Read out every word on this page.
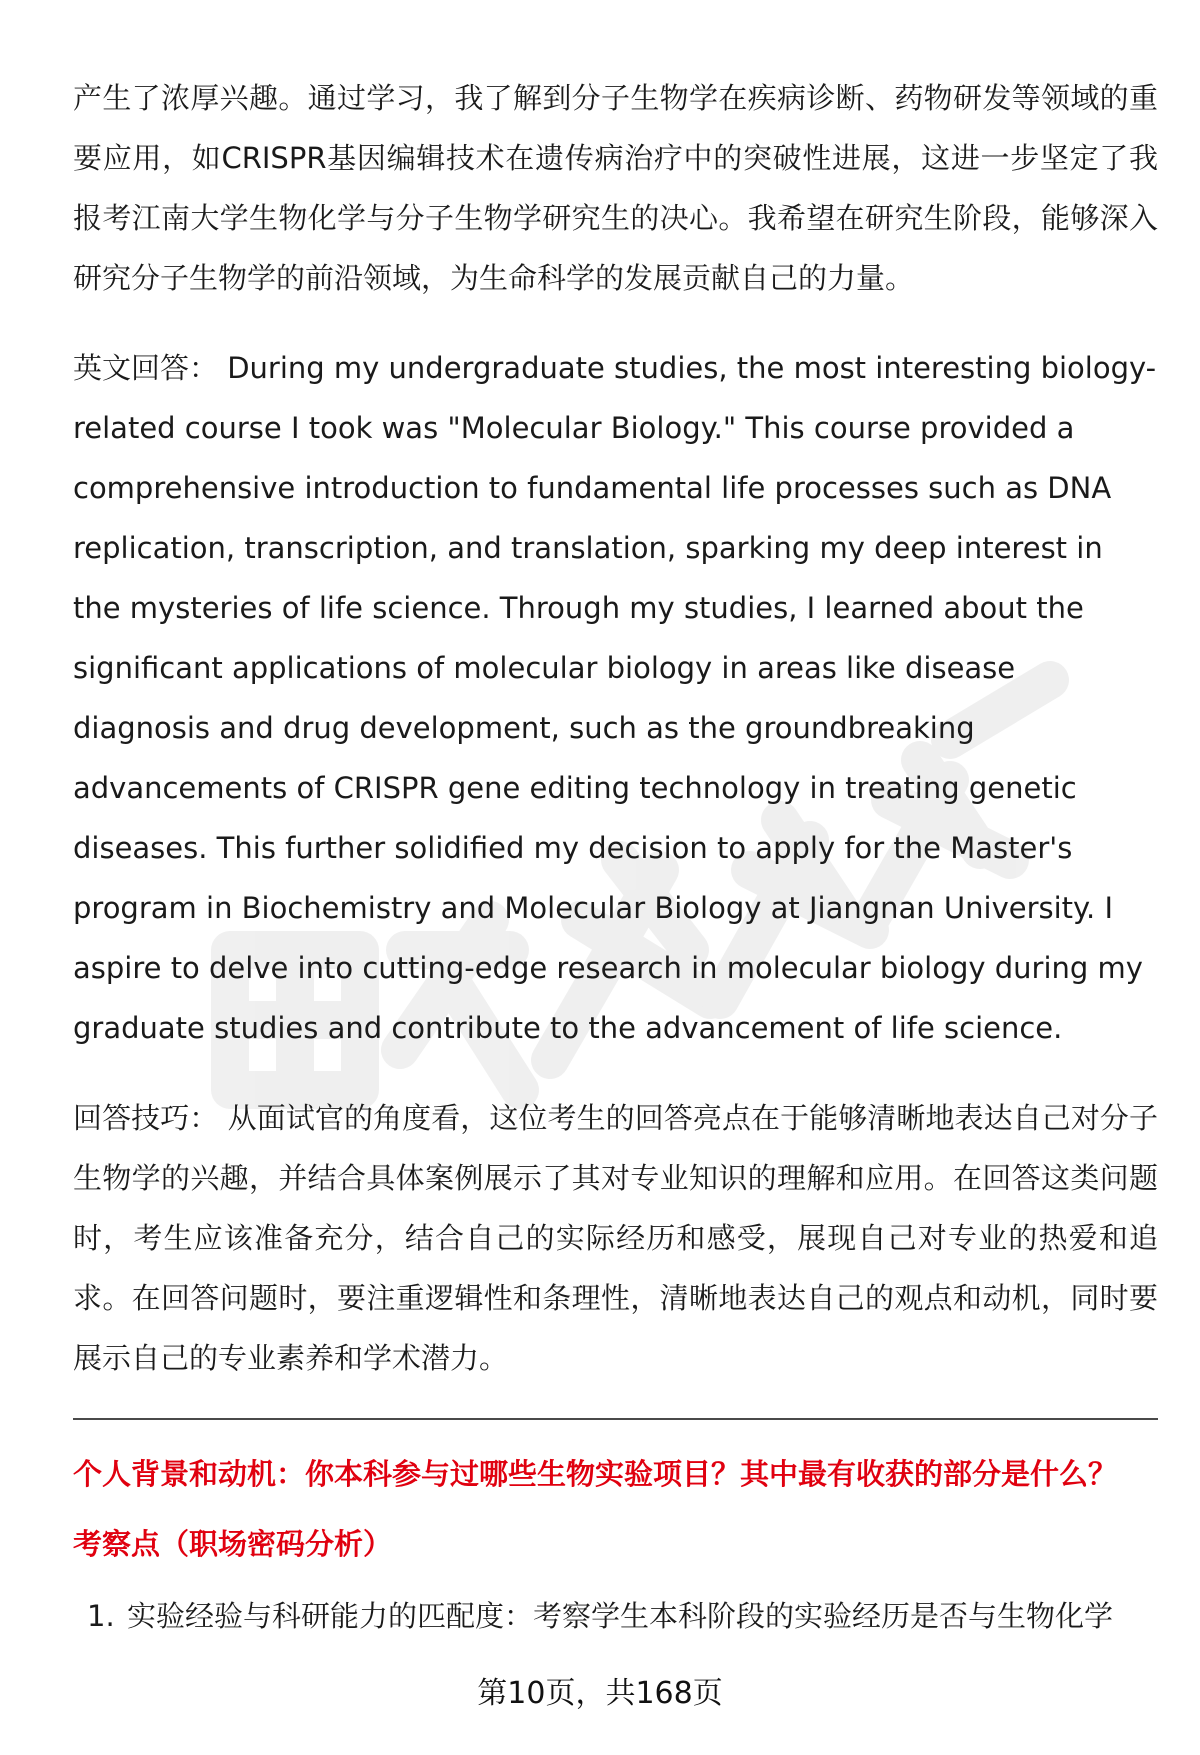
产生了浓厚兴趣。通过学习，我了解到分子生物学在疾病诊断、药物研发等领域的重要应用，如CRISPR基因编辑技术在遗传病治疗中的突破性进展，这进一步坚定了我报考江南大学生物化学与分子生物学研究生的决心。我希望在研究生阶段，能够深入研究分子生物学的前沿领域，为生命科学的发展贡献自己的力量。

英文回答： During my undergraduate studies, the most interesting biology-related course I took was "Molecular Biology." This course provided a comprehensive introduction to fundamental life processes such as DNA replication, transcription, and translation, sparking my deep interest in the mysteries of life science. Through my studies, I learned about the significant applications of molecular biology in areas like disease diagnosis and drug development, such as the groundbreaking advancements of CRISPR gene editing technology in treating genetic diseases. This further solidified my decision to apply for the Master's program in Biochemistry and Molecular Biology at Jiangnan University. I aspire to delve into cutting-edge research in molecular biology during my graduate studies and contribute to the advancement of life science.

回答技巧： 从面试官的角度看，这位考生的回答亮点在于能够清晰地表达自己对分子生物学的兴趣，并结合具体案例展示了其对专业知识的理解和应用。在回答这类问题时，考生应该准备充分，结合自己的实际经历和感受，展现自己对专业的热爱和追求。在回答问题时，要注重逻辑性和条理性，清晰地表达自己的观点和动机，同时要展示自己的专业素养和学术潜力。

个人背景和动机：你本科参与过哪些生物实验项目？其中最有收获的部分是什么？
考察点（职场密码分析）
1. 实验经验与科研能力的匹配度：考察学生本科阶段的实验经历是否与生物化学
第10页，共168页
